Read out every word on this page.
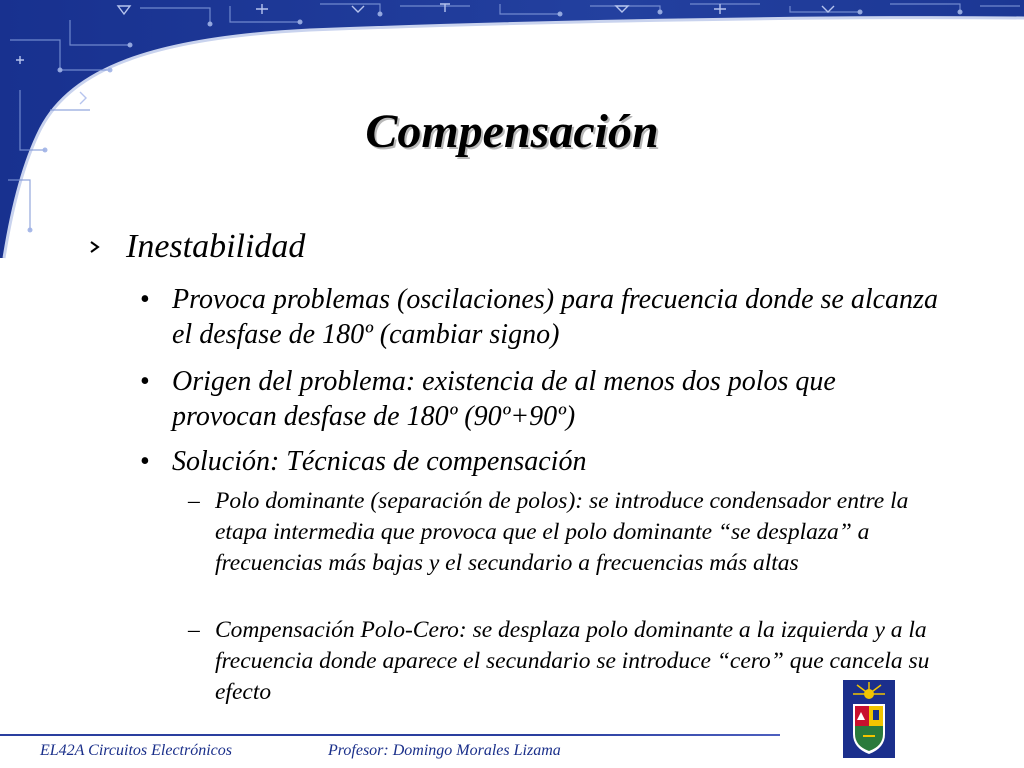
Compensación
Inestabilidad
• Provoca problemas (oscilaciones) para frecuencia donde se alcanza el desfase de 180º (cambiar signo)
• Origen del problema: existencia de al menos dos polos que provocan desfase de 180º (90º+90º)
• Solución: Técnicas de compensación
– Polo dominante (separación de polos): se introduce condensador entre la etapa intermedia que provoca que el polo dominante “se desplaza” a frecuencias más bajas y el secundario a frecuencias más altas
– Compensación Polo-Cero: se desplaza polo dominante a la izquierda y a la frecuencia donde aparece el secundario se introduce “cero” que cancela su efecto
EL42A Circuitos Electrónicos	Profesor: Domingo Morales Lizama
